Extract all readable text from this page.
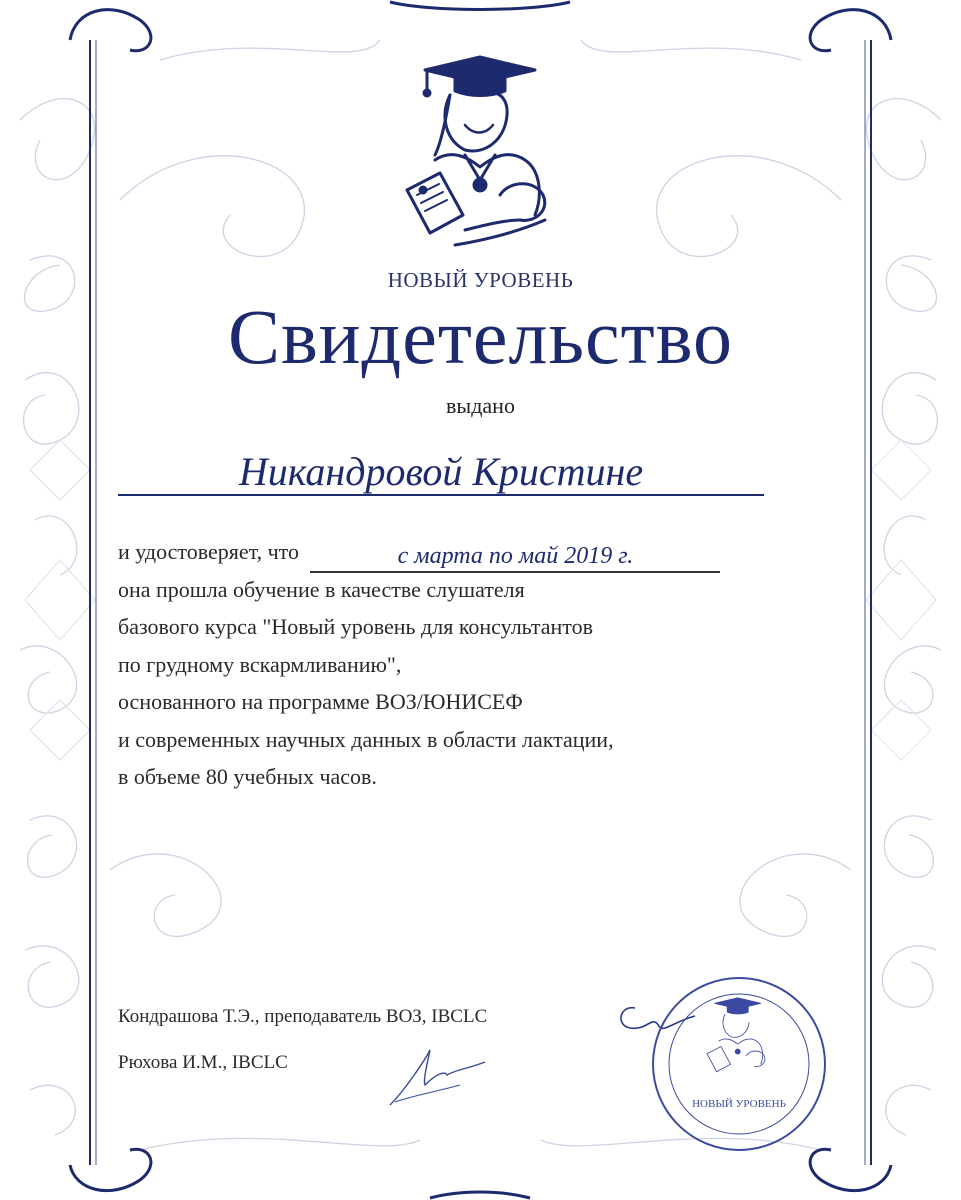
НОВЫЙ УРОВЕНЬ
Свидетельство
выдано
Никандровой Кристине
и удостоверяет, что	с марта по май 2019 г.
она прошла обучение в качестве слушателя
базового курса "Новый уровень для консультантов
по грудному вскармливанию",
основанного на программе ВОЗ/ЮНИСЕФ
и современных научных данных в области лактации,
в объеме 80 учебных часов.
Кондрашова Т.Э., преподаватель ВОЗ, IBCLC
Рюхова И.М., IBCLC
НОВЫЙ УРОВЕНЬ
